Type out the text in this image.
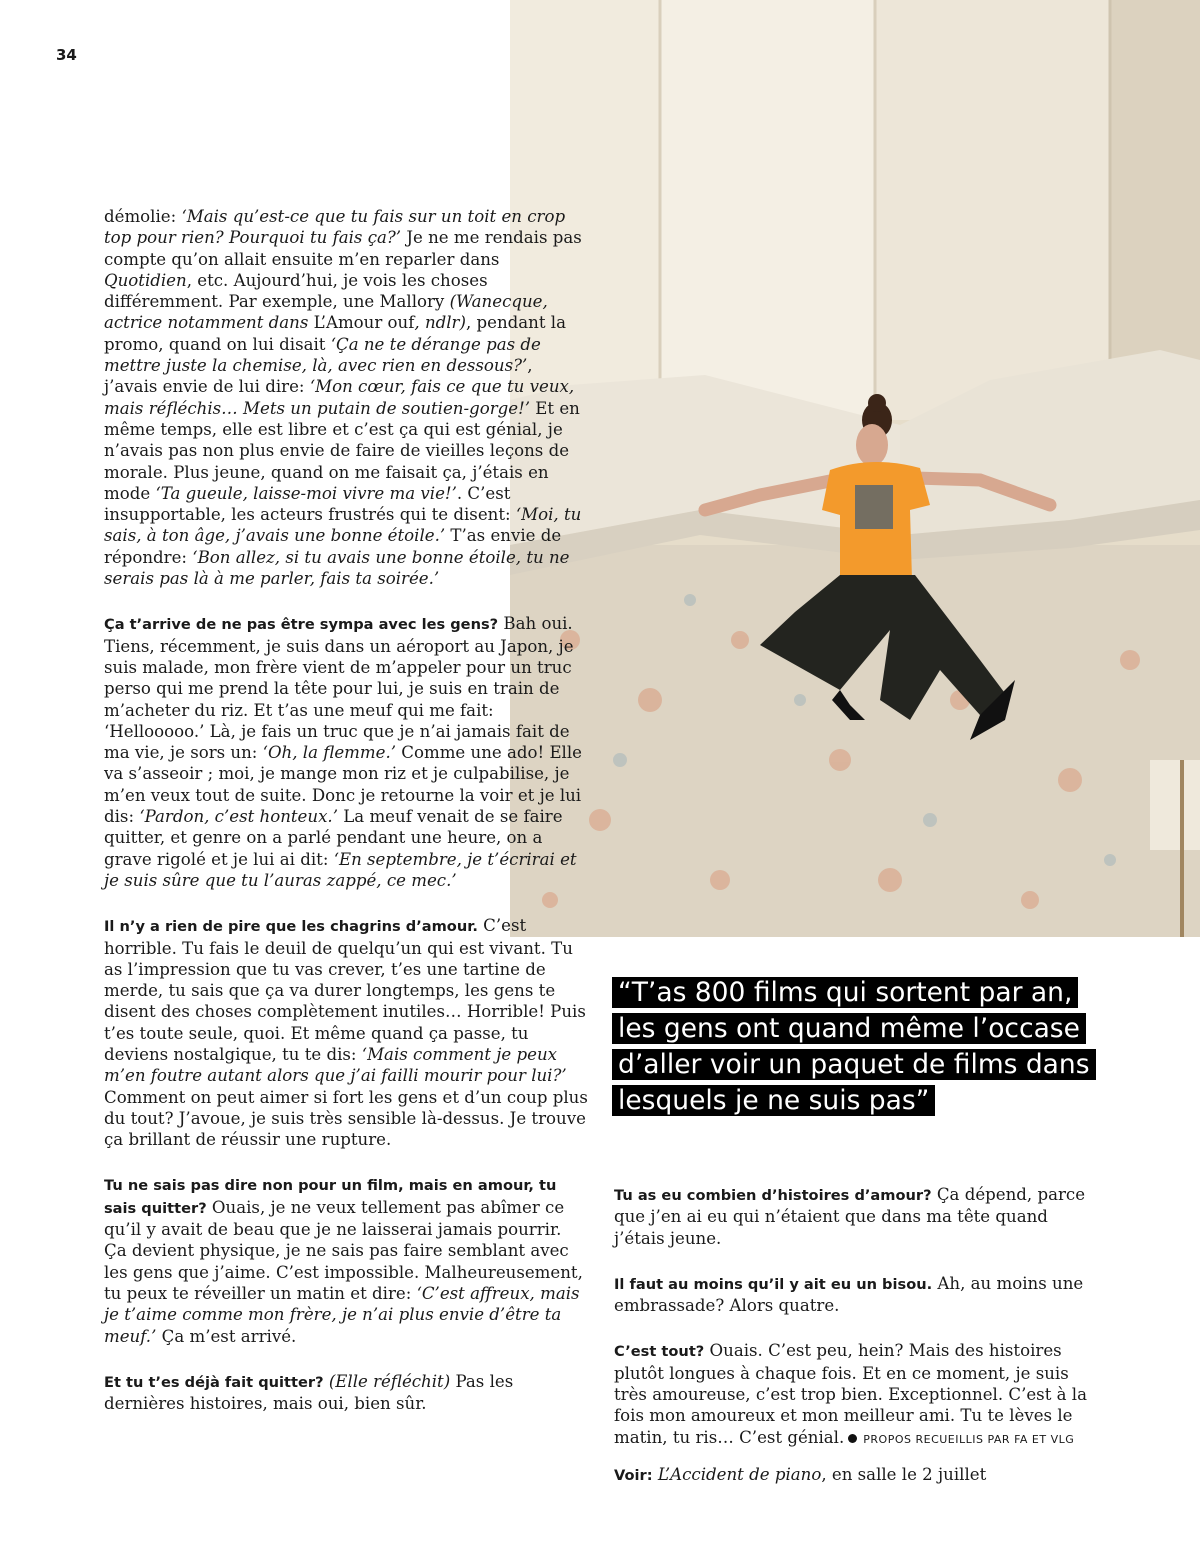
34

démolie: ‘Mais qu’est-ce que tu fais sur un toit en crop top pour rien? Pourquoi tu fais ça?’ Je ne me rendais pas compte qu’on allait ensuite m’en reparler dans Quotidien, etc. Aujourd’hui, je vois les choses différemment. Par exemple, une Mallory (Wanecque, actrice notamment dans L’Amour ouf, ndlr), pendant la promo, quand on lui disait ‘Ça ne te dérange pas de mettre juste la chemise, là, avec rien en dessous?’, j’avais envie de lui dire: ‘Mon cœur, fais ce que tu veux, mais réfléchis… Mets un putain de soutien-gorge!’ Et en même temps, elle est libre et c’est ça qui est génial, je n’avais pas non plus envie de faire de vieilles leçons de morale. Plus jeune, quand on me faisait ça, j’étais en mode ‘Ta gueule, laisse-moi vivre ma vie!’. C’est insupportable, les acteurs frustrés qui te disent: ‘Moi, tu sais, à ton âge, j’avais une bonne étoile.’ T’as envie de répondre: ‘Bon allez, si tu avais une bonne étoile, tu ne serais pas là à me parler, fais ta soirée.’

Ça t’arrive de ne pas être sympa avec les gens? Bah oui. Tiens, récemment, je suis dans un aéroport au Japon, je suis malade, mon frère vient de m’appeler pour un truc perso qui me prend la tête pour lui, je suis en train de m’acheter du riz. Et t’as une meuf qui me fait: ‘Hellooooo.’ Là, je fais un truc que je n’ai jamais fait de ma vie, je sors un: ‘Oh, la flemme.’ Comme une ado! Elle va s’asseoir ; moi, je mange mon riz et je culpabilise, je m’en veux tout de suite. Donc je retourne la voir et je lui dis: ‘Pardon, c’est honteux.’ La meuf venait de se faire quitter, et genre on a parlé pendant une heure, on a grave rigolé et je lui ai dit: ‘En septembre, je t’écrirai et je suis sûre que tu l’auras zappé, ce mec.’

Il n’y a rien de pire que les chagrins d’amour. C’est horrible. Tu fais le deuil de quelqu’un qui est vivant. Tu as l’impression que tu vas crever, t’es une tartine de merde, tu sais que ça va durer longtemps, les gens te disent des choses complètement inutiles… Horrible! Puis t’es toute seule, quoi. Et même quand ça passe, tu deviens nostalgique, tu te dis: ‘Mais comment je peux m’en foutre autant alors que j’ai failli mourir pour lui?’ Comment on peut aimer si fort les gens et d’un coup plus du tout? J’avoue, je suis très sensible là-dessus. Je trouve ça brillant de réussir une rupture.

Tu ne sais pas dire non pour un film, mais en amour, tu sais quitter? Ouais, je ne veux tellement pas abîmer ce qu’il y avait de beau que je ne laisserai jamais pourrir. Ça devient physique, je ne sais pas faire semblant avec les gens que j’aime. C’est impossible. Malheureusement, tu peux te réveiller un matin et dire: ‘C’est affreux, mais je t’aime comme mon frère, je n’ai plus envie d’être ta meuf.’ Ça m’est arrivé.

Et tu t’es déjà fait quitter? (Elle réfléchit) Pas les dernières histoires, mais oui, bien sûr.

“T’as 800 films qui sortent par an, les gens ont quand même l’occase d’aller voir un paquet de films dans lesquels je ne suis pas”

Tu as eu combien d’histoires d’amour? Ça dépend, parce que j’en ai eu qui n’étaient que dans ma tête quand j’étais jeune.

Il faut au moins qu’il y ait eu un bisou. Ah, au moins une embrassade? Alors quatre.

C’est tout? Ouais. C’est peu, hein? Mais des histoires plutôt longues à chaque fois. Et en ce moment, je suis très amoureuse, c’est trop bien. Exceptionnel. C’est à la fois mon amoureux et mon meilleur ami. Tu te lèves le matin, tu ris… C’est génial. PROPOS RECUEILLIS PAR FA ET VLG

Voir: L’Accident de piano, en salle le 2 juillet
